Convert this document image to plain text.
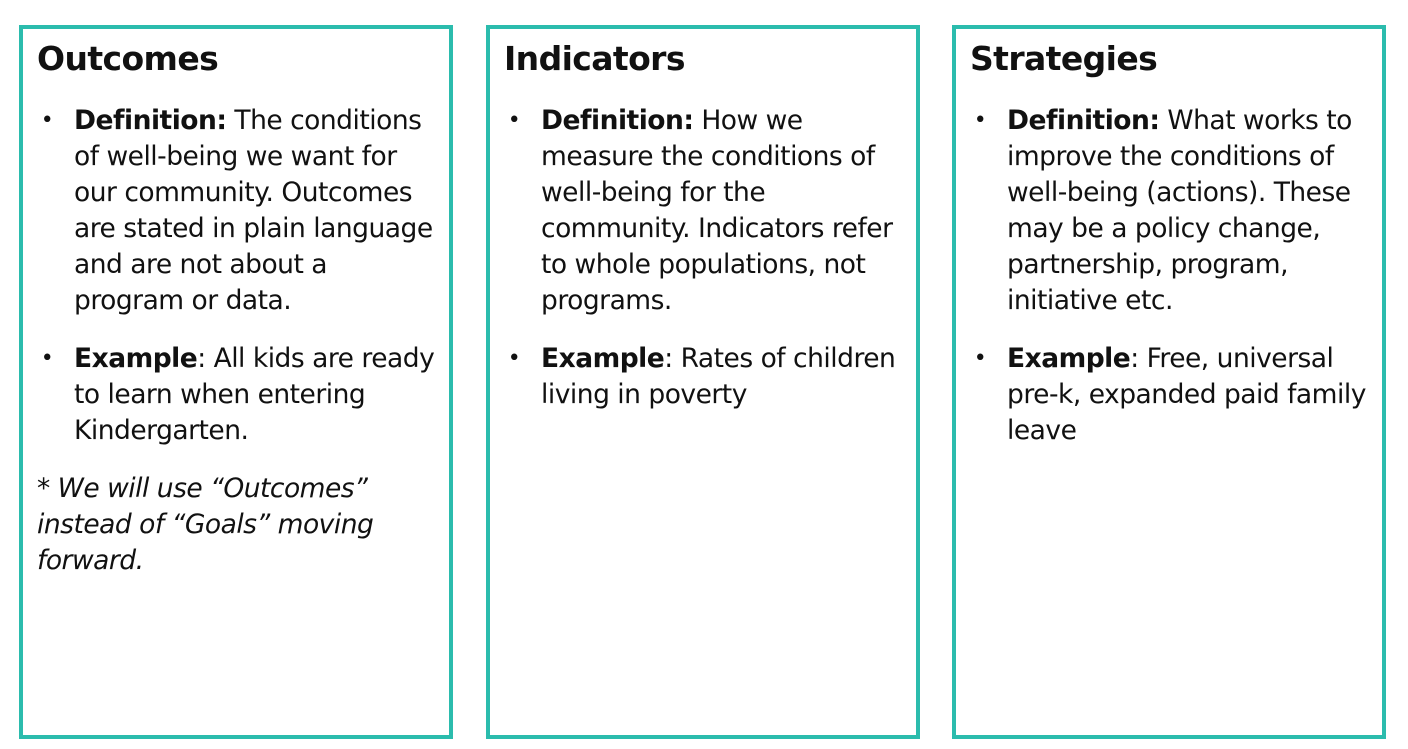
Outcomes
• Definition: The conditions of well-being we want for our community. Outcomes are stated in plain language and are not about a program or data.
• Example: All kids are ready to learn when entering Kindergarten.

* We will use “Outcomes” instead of “Goals” moving forward.

Indicators
• Definition: How we measure the conditions of well-being for the community. Indicators refer to whole populations, not programs.
• Example: Rates of children living in poverty
Strategies
• Definition: What works to improve the conditions of well-being (actions). These may be a policy change, partnership, program, initiative etc.
• Example: Free, universal pre-k, expanded paid family leave
